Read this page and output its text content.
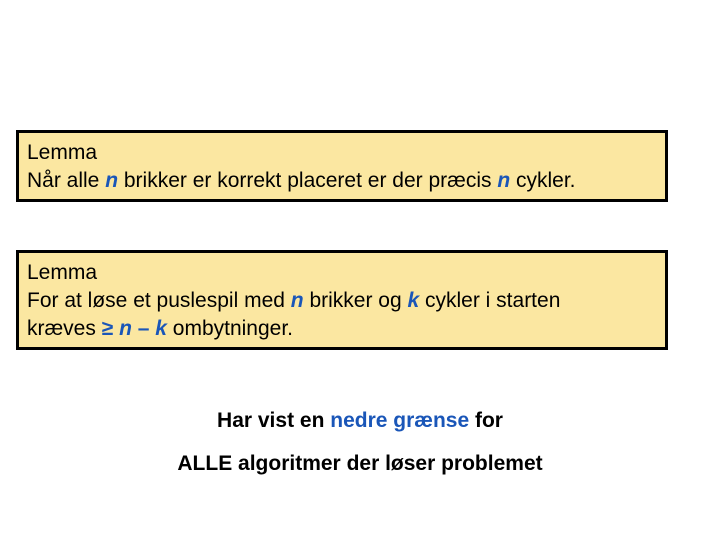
Lemma
Når alle n brikker er korrekt placeret er der præcis n cykler.
Lemma
For at løse et puslespil med n brikker og k cykler i starten
kræves ≥ n – k ombytninger.
Har vist en nedre grænse for
ALLE algoritmer der løser problemet
